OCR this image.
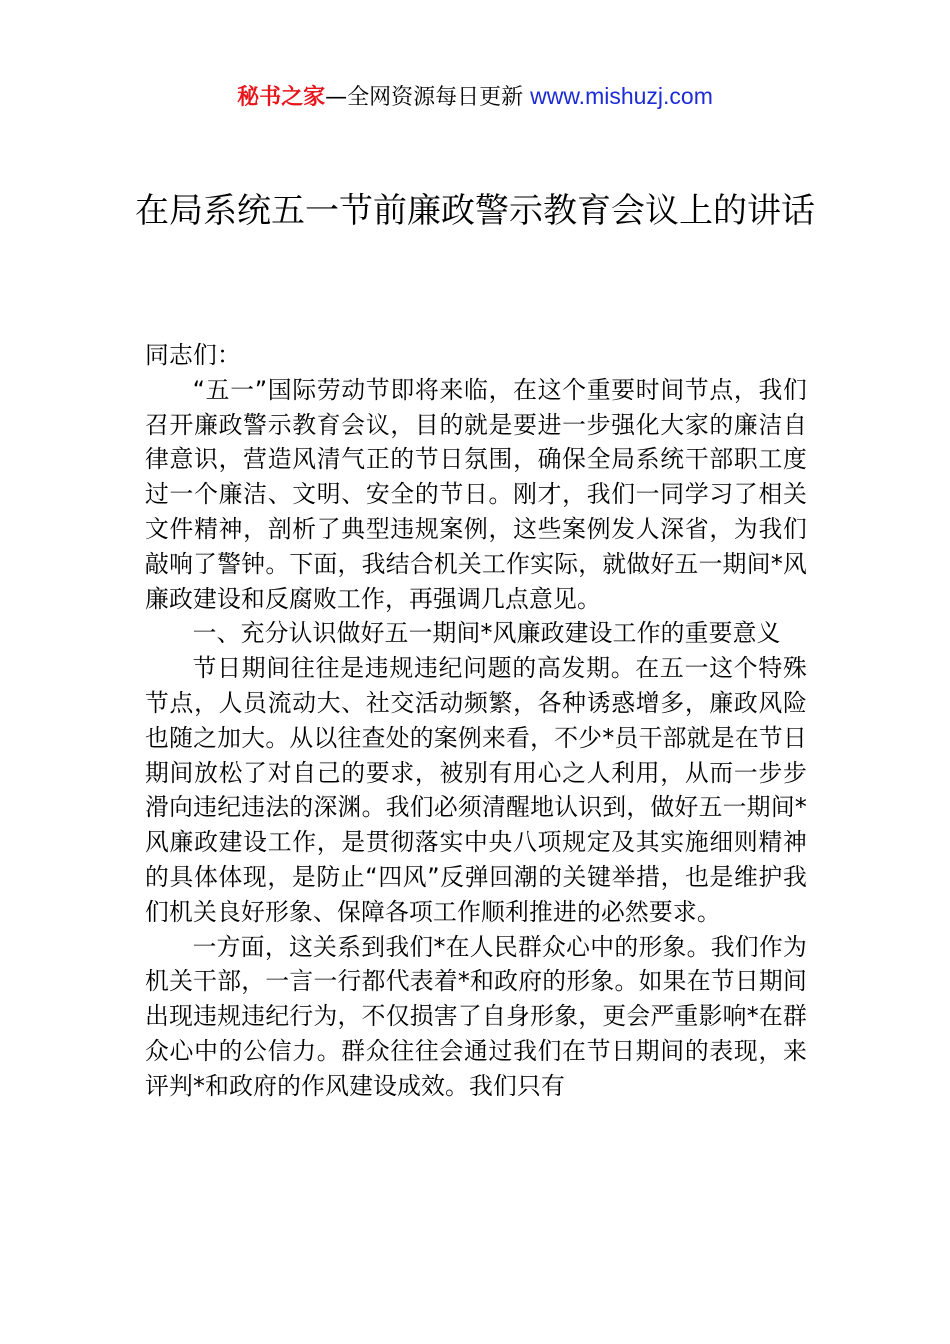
秘书之家—全网资源每日更新 www.mishuzj.com
在局系统五一节前廉政警示教育会议上的讲话

同志们：

“五一”国际劳动节即将来临，在这个重要时间节点，我们召开廉政警示教育会议，目的就是要进一步强化大家的廉洁自律意识，营造风清气正的节日氛围，确保全局系统干部职工度过一个廉洁、文明、安全的节日。刚才，我们一同学习了相关文件精神，剖析了典型违规案例，这些案例发人深省，为我们敲响了警钟。下面，我结合机关工作实际，就做好五一期间*风廉政建设和反腐败工作，再强调几点意见。

一、充分认识做好五一期间*风廉政建设工作的重要意义

节日期间往往是违规违纪问题的高发期。在五一这个特殊节点，人员流动大、社交活动频繁，各种诱惑增多，廉政风险也随之加大。从以往查处的案例来看，不少*员干部就是在节日期间放松了对自己的要求，被别有用心之人利用，从而一步步滑向违纪违法的深渊。我们必须清醒地认识到，做好五一期间*风廉政建设工作，是贯彻落实中央八项规定及其实施细则精神的具体体现，是防止“四风”反弹回潮的关键举措，也是维护我们机关良好形象、保障各项工作顺利推进的必然要求。

一方面，这关系到我们*在人民群众心中的形象。我们作为机关干部，一言一行都代表着*和政府的形象。如果在节日期间出现违规违纪行为，不仅损害了自身形象，更会严重影响*在群众心中的公信力。群众往往会通过我们在节日期间的表现，来评判*和政府的作风建设成效。我们只有
